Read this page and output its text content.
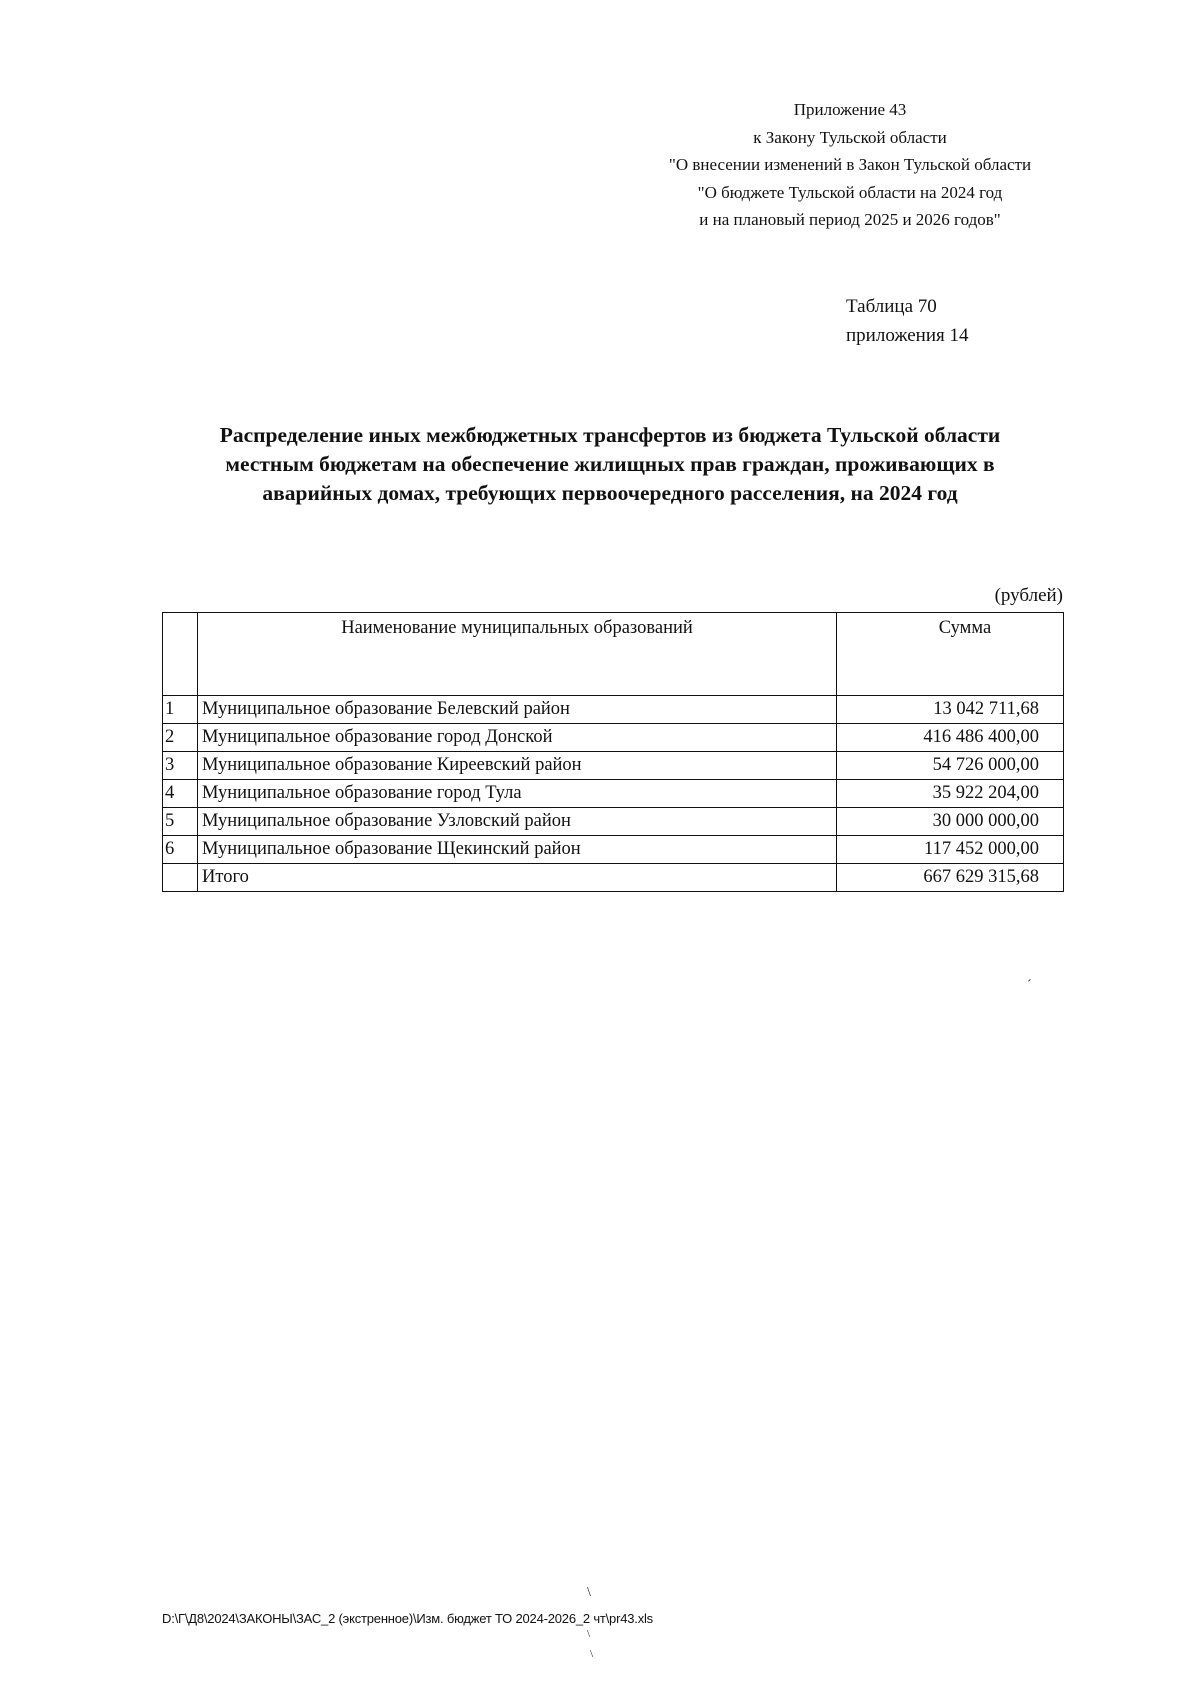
Приложение 43
к Закону Тульской области
"О внесении изменений в Закон Тульской области
"О бюджете Тульской области на 2024 год
и на плановый период 2025 и 2026 годов"
Таблица 70
приложения 14
Распределение иных межбюджетных трансфертов из бюджета Тульской области
местным бюджетам на обеспечение жилищных прав граждан, проживающих в
аварийных домах, требующих первоочередного расселения, на 2024 год
(рублей)
	Наименование муниципальных образований	Сумма
1	Муниципальное образование Белевский район	13 042 711,68
2	Муниципальное образование город Донской	416 486 400,00
3	Муниципальное образование Киреевский район	54 726 000,00
4	Муниципальное образование город Тула	35 922 204,00
5	Муниципальное образование Узловский район	30 000 000,00
6	Муниципальное образование Щекинский район	117 452 000,00
	Итого	667 629 315,68
´
\
\
\
D:\Г\Д8\2024\ЗАКОНЫ\ЗАС_2 (экстренное)\Изм. бюджет ТО 2024-2026_2 чт\pr43.xls
